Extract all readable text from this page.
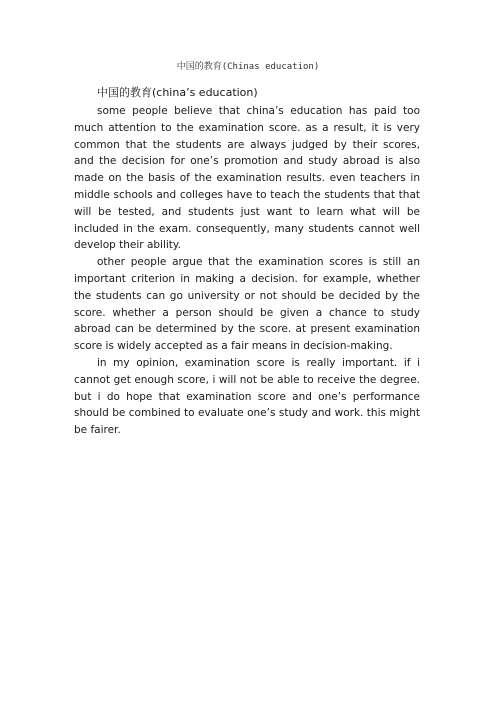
中国的教育(Chinas education)
中国的教育(china’s education)

some people believe that china’s education has paid too much attention to the examination score. as a result, it is very common that the students are always judged by their scores, and the decision for one’s promotion and study abroad is also made on the basis of the examination results. even teachers in middle schools and colleges have to teach the students that that will be tested, and students just want to learn what will be included in the exam. consequently, many students cannot well develop their ability.

other people argue that the examination scores is still an important criterion in making a decision. for example, whether the students can go university or not should be decided by the score. whether a person should be given a chance to study abroad can be determined by the score. at present examination score is widely accepted as a fair means in decision-making.

in my opinion, examination score is really important. if i cannot get enough score, i will not be able to receive the degree. but i do hope that examination score and one’s performance should be combined to evaluate one’s study and work. this might be fairer.
